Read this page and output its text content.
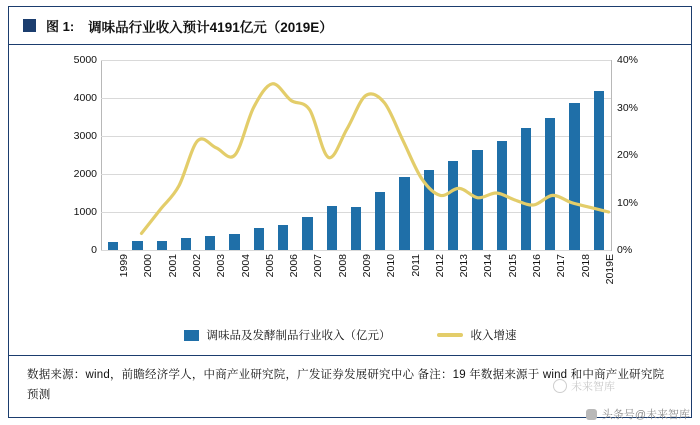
图 1: 调味品行业收入预计4191亿元（2019E）
0
1000
2000
3000
4000
5000
0%
10%
20%
30%
40%
1999 2000 2001 2002 2003 2004 2005 2006 2007 2008 2009 2010 2011 2012 2013 2014 2015 2016 2017 2018 2019E
调味品及发酵制品行业收入（亿元）	收入增速
数据来源：wind，前瞻经济学人，中商产业研究院，广发证券发展研究中心 备注：19 年数据来源于 wind 和中商产业研究院预测
未来智库
头条号@未来智库
